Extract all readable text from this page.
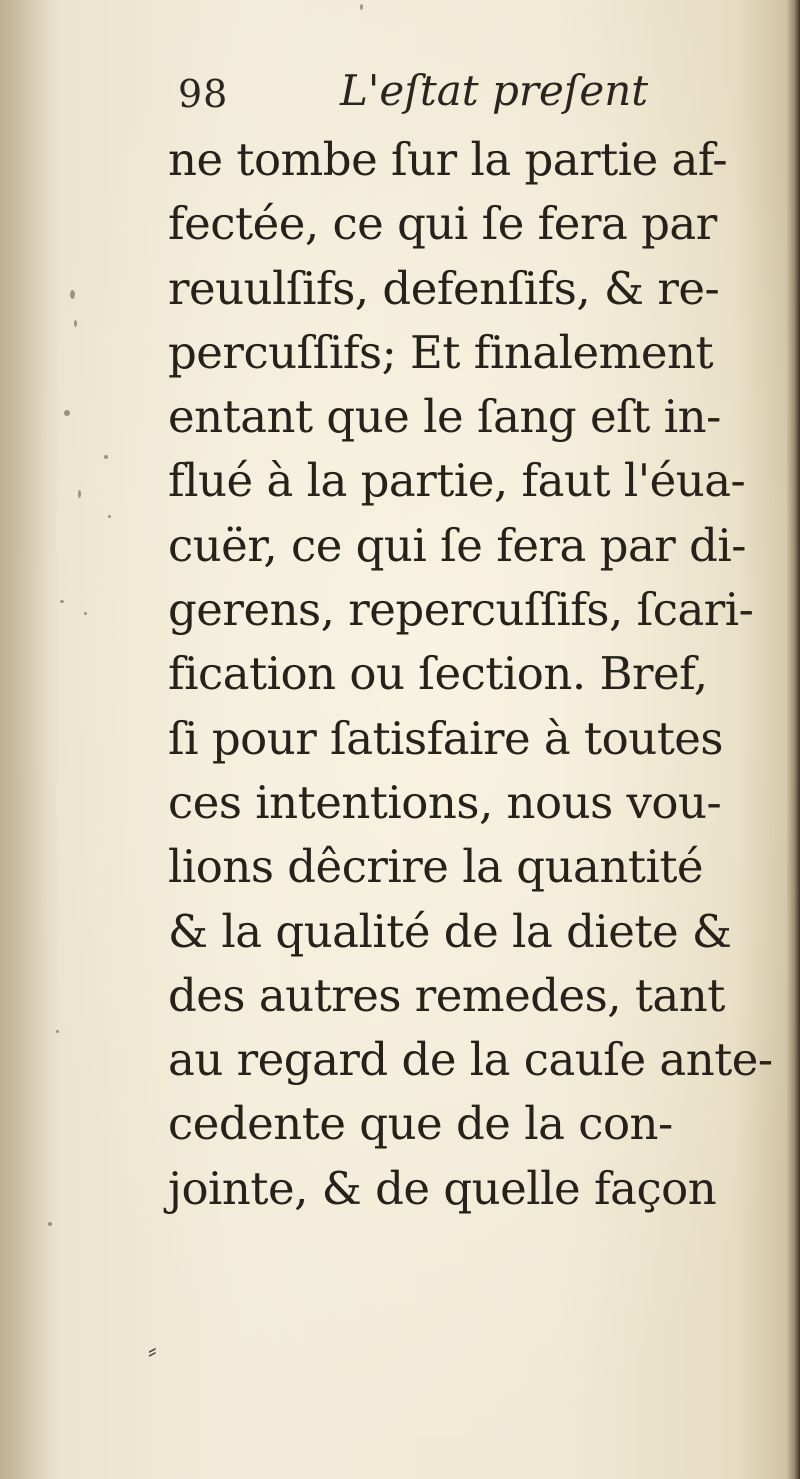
98	L'eſtat preſent
ne tombe ſur la partie af-
fectée, ce qui ſe fera par
reuulſifs, defenſifs, & re-
percuſſifs; Et finalement
entant que le ſang eſt in-
flué à la partie, faut l'éua-
cuër, ce qui ſe fera par di-
gerens, repercuſſifs, ſcari-
fication ou ſection. Bref,
ſi pour ſatisfaire à toutes
ces intentions, nous vou-
lions dêcrire la quantité
& la qualité de la diete &
des autres remedes, tant
au regard de la cauſe ante-
cedente que de la con-
jointe, & de quelle façon
⸗
